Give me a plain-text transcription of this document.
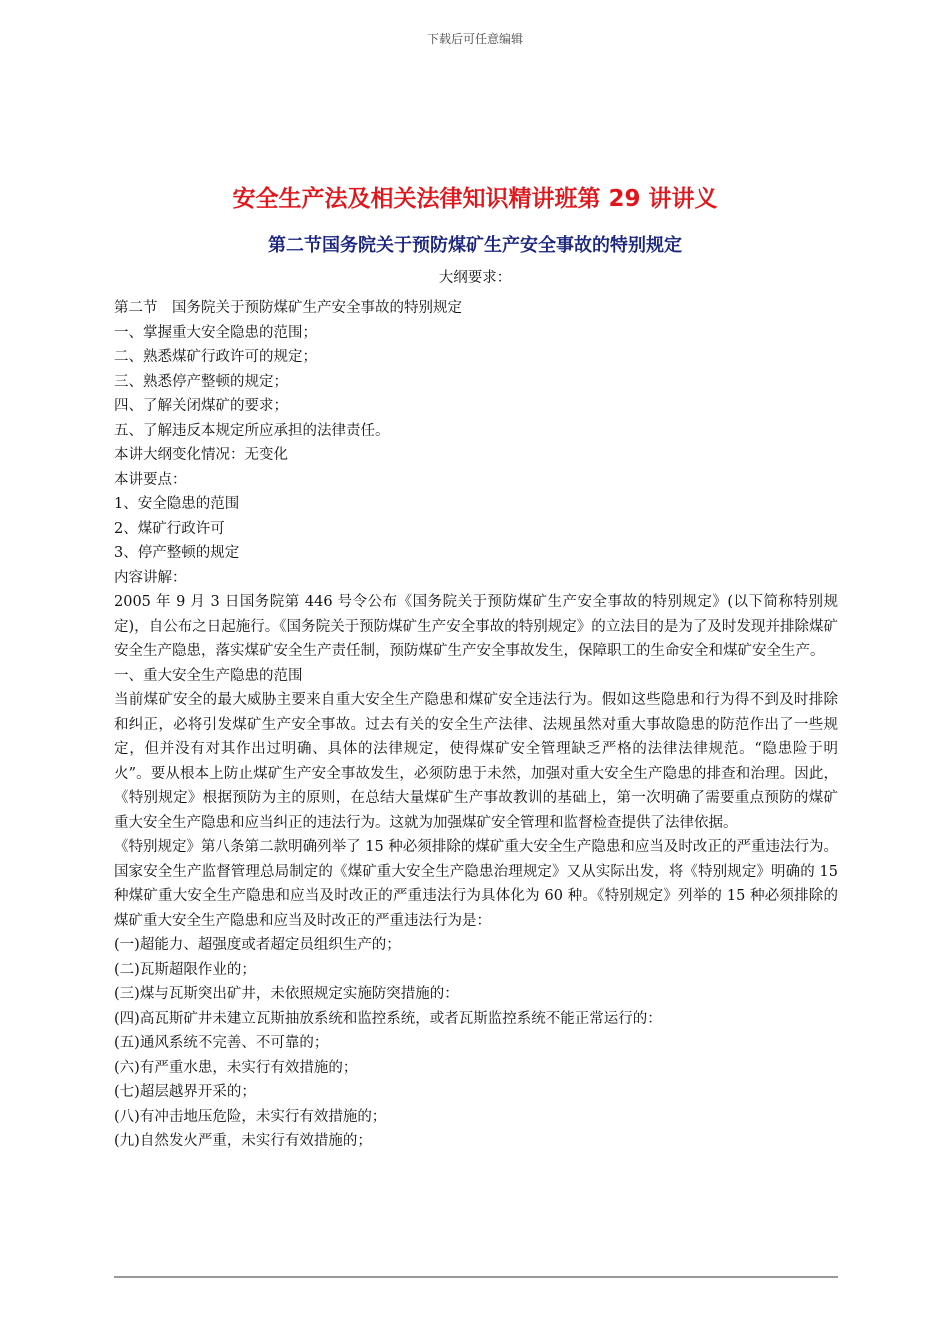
下载后可任意编辑
安全生产法及相关法律知识精讲班第 29 讲讲义
第二节国务院关于预防煤矿生产安全事故的特别规定
大纲要求：

第二节　国务院关于预防煤矿生产安全事故的特别规定

一、掌握重大安全隐患的范围；

二、熟悉煤矿行政许可的规定；

三、熟悉停产整顿的规定；

四、了解关闭煤矿的要求；

五、了解违反本规定所应承担的法律责任。

本讲大纲变化情况：无变化

本讲要点：

1、安全隐患的范围

2、煤矿行政许可

3、停产整顿的规定

内容讲解：

2005 年 9 月 3 日国务院第 446 号令公布《国务院关于预防煤矿生产安全事故的特别规定》(以下简称特别规定)，自公布之日起施行。《国务院关于预防煤矿生产安全事故的特别规定》的立法目的是为了及时发现并排除煤矿安全生产隐患，落实煤矿安全生产责任制，预防煤矿生产安全事故发生，保障职工的生命安全和煤矿安全生产。

一、重大安全生产隐患的范围

当前煤矿安全的最大威胁主要来自重大安全生产隐患和煤矿安全违法行为。假如这些隐患和行为得不到及时排除和纠正，必将引发煤矿生产安全事故。过去有关的安全生产法律、法规虽然对重大事故隐患的防范作出了一些规定，但并没有对其作出过明确、具体的法律规定，使得煤矿安全管理缺乏严格的法律法律规范。“隐患险于明火”。要从根本上防止煤矿生产安全事故发生，必须防患于未然，加强对重大安全生产隐患的排查和治理。因此，《特别规定》根据预防为主的原则，在总结大量煤矿生产事故教训的基础上，第一次明确了需要重点预防的煤矿重大安全生产隐患和应当纠正的违法行为。这就为加强煤矿安全管理和监督检查提供了法律依据。

《特别规定》第八条第二款明确列举了 15 种必须排除的煤矿重大安全生产隐患和应当及时改正的严重违法行为。国家安全生产监督管理总局制定的《煤矿重大安全生产隐患治理规定》又从实际出发，将《特别规定》明确的 15 种煤矿重大安全生产隐患和应当及时改正的严重违法行为具体化为 60 种。《特别规定》列举的 15 种必须排除的煤矿重大安全生产隐患和应当及时改正的严重违法行为是：

(一)超能力、超强度或者超定员组织生产的；

(二)瓦斯超限作业的；

(三)煤与瓦斯突出矿井，未依照规定实施防突措施的：

(四)高瓦斯矿井未建立瓦斯抽放系统和监控系统，或者瓦斯监控系统不能正常运行的：

(五)通风系统不完善、不可靠的；

(六)有严重水患，未实行有效措施的；

(七)超层越界开采的；

(八)有冲击地压危险，未实行有效措施的；

(九)自然发火严重，未实行有效措施的；
